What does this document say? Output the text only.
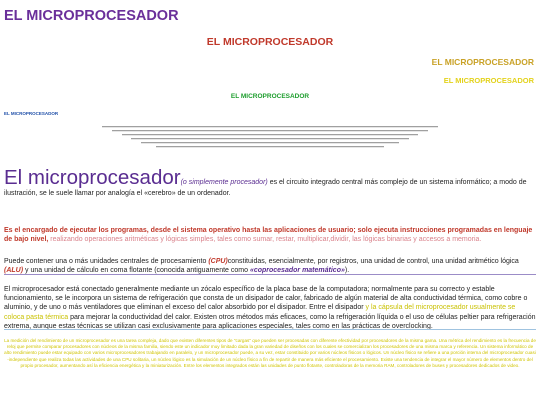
EL MICROPROCESADOR
EL MICROPROCESADOR
EL MICROPROCESADOR
EL MICROPROCESADOR
EL MICROPROCESADOR
EL MICROPROCESADOR

El microprocesador(o simplemente procesador) es el circuito integrado central más complejo de un sistema informático; a modo de ilustración, se le suele llamar por analogía el «cerebro» de un ordenador.

Es el encargado de ejecutar los programas, desde el sistema operativo hasta las aplicaciones de usuario; solo ejecuta instrucciones programadas en lenguaje de bajo nivel, realizando operaciones aritméticas y lógicas simples, tales como sumar, restar, multiplicar,dividir, las lógicas binarias y accesos a memoria.

Puede contener una o más unidades centrales de procesamiento (CPU)constituidas, esencialmente, por registros, una unidad de control, una unidad aritmético lógica (ALU) y una unidad de cálculo en coma flotante (conocida antiguamente como «coprocesador matemático»).

El microprocesador está conectado generalmente mediante un zócalo específico de la placa base de la computadora; normalmente para su correcto y estable funcionamiento, se le incorpora un sistema de refrigeración que consta de un disipador de calor, fabricado de algún material de alta conductividad térmica, como cobre o aluminio, y de uno o más ventiladores que eliminan el exceso del calor absorbido por el disipador. Entre el disipador y la cápsula del microprocesador usualmente se coloca pasta térmica para mejorar la conductividad del calor. Existen otros métodos más eficaces, como la refrigeración líquida o el uso de células peltier para refrigeración extrema, aunque estas técnicas se utilizan casi exclusivamente para aplicaciones especiales, tales como en las prácticas de overclocking.

La medición del rendimiento de un microprocesador es una tarea compleja, dado que existen diferentes tipos de "cargas" que pueden ser procesadas con diferente efectividad por procesadores de la misma gama. Una métrica del rendimiento es la frecuencia de reloj que permite comparar procesadores con núcleos de la misma familia, siendo este un indicador muy limitado dada la gran variedad de diseños con los cuales se comercializan los procesadores de una misma marca y referencia. Un sistema informático de alto rendimiento puede estar equipado con varios microprocesadores trabajando en paralelo, y un microprocesador puede, a su vez, estar constituido por varios núcleos físicos o lógicos. Un núcleo físico se refiere a una porción interna del microprocesador cuasi -independiente que realiza todas las actividades de una CPU solitaria, un núcleo lógico es la simulación de un núcleo físico a fin de repartir de manera más eficiente el procesamiento. Existe una tendencia de integrar el mayor número de elementos dentro del propio procesador, aumentando así la eficiencia energética y la miniaturización. Entre los elementos integrados están las unidades de punto flotante, controladoras de la memoria RAM, controladores de buses y procesadores dedicados de video.
